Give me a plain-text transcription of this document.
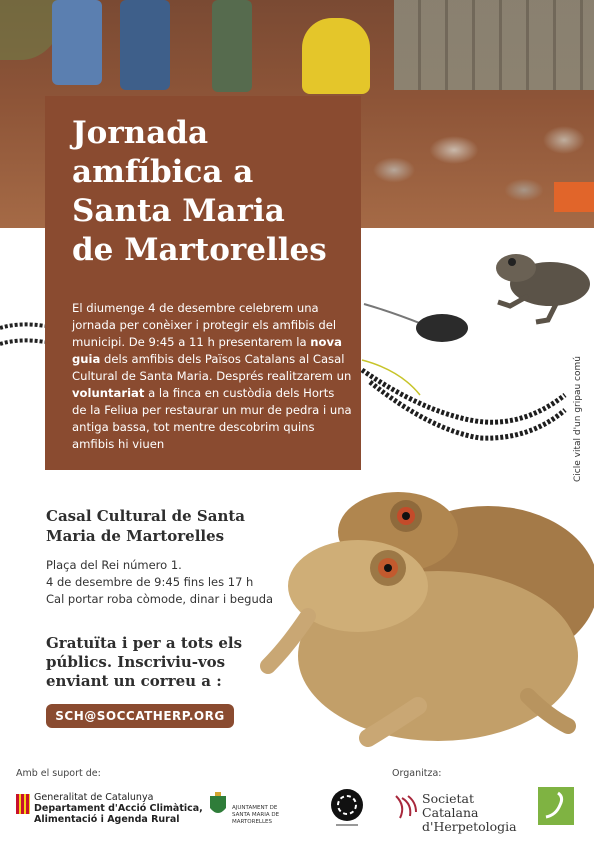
Cicle vital d'un gripau comú
Jornada
amfíbica a
Santa Maria
de Martorelles

El diumenge 4 de desembre celebrem una jornada per conèixer i protegir els amfibis del municipi. De 9:45 a 11 h presentarem la nova guia dels amfibis dels Països Catalans al Casal Cultural de Santa Maria. Després realitzarem un voluntariat a la finca en custòdia dels Horts de la Feliua per restaurar un mur de pedra i una antiga bassa, tot mentre descobrim quins amfibis hi viuen

Casal Cultural de Santa Maria de Martorelles
Plaça del Rei número 1.
4 de desembre de 9:45 fins les 17 h
Cal portar roba còmode, dinar i beguda
Gratuïta i per a tots els públics. Inscriviu-vos enviant un correu a :
SCH@SOCCATHERP.ORG
Amb el suport de:	Organitza:
Generalitat de Catalunya
Departament d'Acció Climàtica,
Alimentació i Agenda Rural
AJUNTAMENT DE
SANTA MARIA DE MARTORELLES
Societat Catalana
d'Herpetologia
